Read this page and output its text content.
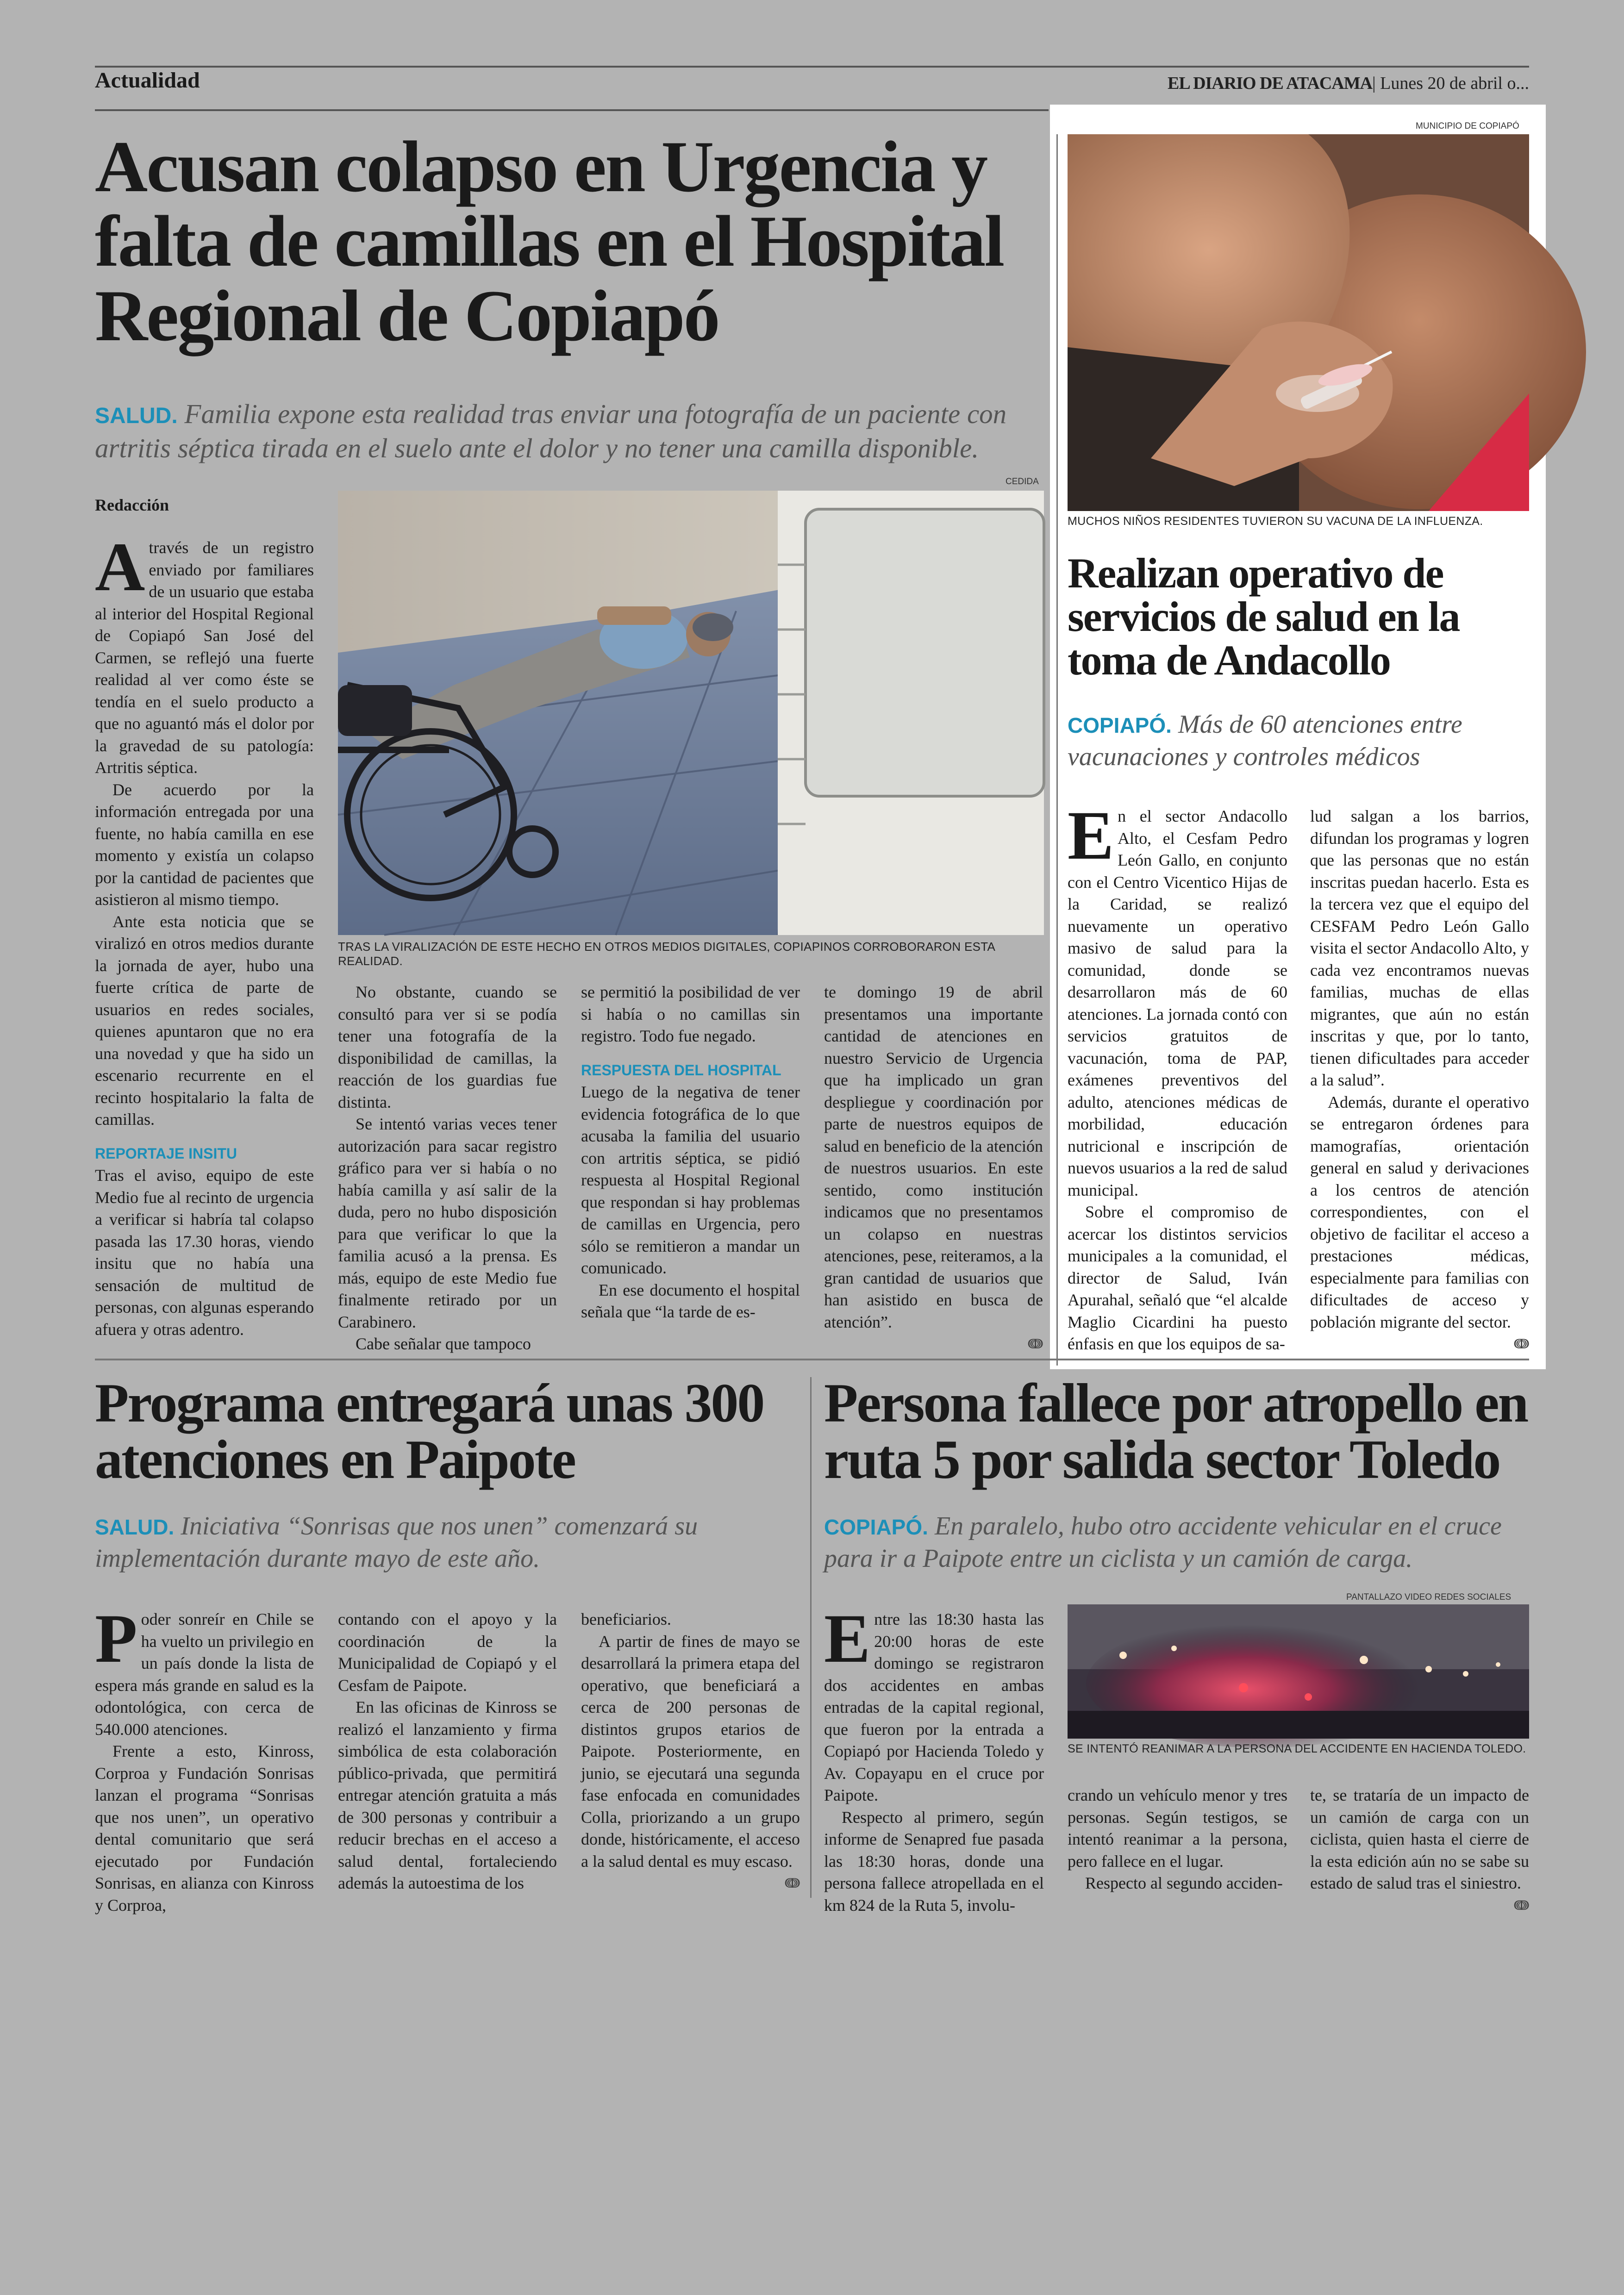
Actualidad	EL DIARIO DE ATACAMA| Lunes 20 de abril o...
Acusan colapso en Urgencia y falta de camillas en el Hospital Regional de Copiapó
SALUD. Familia expone esta realidad tras enviar una fotografía de un paciente con artritis séptica tirada en el suelo ante el dolor y no tener una camilla disponible.
CEDIDA
TRAS LA VIRALIZACIÓN DE ESTE HECHO EN OTROS MEDIOS DIGITALES, COPIAPINOS CORROBORARON ESTA REALIDAD.
Redacción

Através de un registro enviado por familiares de un usuario que estaba al interior del Hospital Regional de Copiapó San José del Carmen, se reflejó una fuerte realidad al ver como éste se tendía en el suelo producto a que no aguantó más el dolor por la gravedad de su patología: Artritis séptica.

De acuerdo por la información entregada por una fuente, no había camilla en ese momento y existía un colapso por la cantidad de pacientes que asistieron al mismo tiempo.

Ante esta noticia que se viralizó en otros medios durante la jornada de ayer, hubo una fuerte crítica de parte de usuarios en redes sociales, quienes apuntaron que no era una novedad y que ha sido un escenario recurrente en el recinto hospitalario la falta de camillas.

REPORTAJE INSITU

Tras el aviso, equipo de este Medio fue al recinto de urgencia a verificar si habría tal colapso pasada las 17.30 horas, viendo insitu que no había una sensación de multitud de personas, con algunas esperando afuera y otras adentro.

No obstante, cuando se consultó para ver si se podía tener una fotografía de la disponibilidad de camillas, la reacción de los guardias fue distinta.

Se intentó varias veces tener autorización para sacar registro gráfico para ver si había o no había camilla y así salir de la duda, pero no hubo disposición para que verificar lo que la familia acusó a la prensa. Es más, equipo de este Medio fue finalmente retirado por un Carabinero.

Cabe señalar que tampoco

se permitió la posibilidad de ver si había o no camillas sin registro. Todo fue negado.

RESPUESTA DEL HOSPITAL

Luego de la negativa de tener evidencia fotográfica de lo que acusaba la familia del usuario con artritis séptica, se pidió respuesta al Hospital Regional que respondan si hay problemas de camillas en Urgencia, pero sólo se remitieron a mandar un comunicado.

En ese documento el hospital señala que “la tarde de es-

te domingo 19 de abril presentamos una importante cantidad de atenciones en nuestro Servicio de Urgencia que ha implicado un gran despliegue y coordinación por parte de nuestros equipos de salud en beneficio de la atención de nuestros usuarios. En este sentido, como institución indicamos que no presentamos un colapso en nuestras atenciones, pese, reiteramos, a la gran cantidad de usuarios que han asistido en busca de atención”.

ↈ
MUNICIPIO DE COPIAPÓ
MUCHOS NIÑOS RESIDENTES TUVIERON SU VACUNA DE LA INFLUENZA.
Realizan operativo de servicios de salud en la toma de Andacollo
COPIAPÓ. Más de 60 atenciones entre vacunaciones y controles médicos

En el sector Andacollo Alto, el Cesfam Pedro León Gallo, en conjunto con el Centro Vicentico Hijas de la Caridad, se realizó nuevamente un operativo masivo de salud para la comunidad, donde se desarrollaron más de 60 atenciones. La jornada contó con servicios gratuitos de vacunación, toma de PAP, exámenes preventivos del adulto, atenciones médicas de morbilidad, educación nutricional e inscripción de nuevos usuarios a la red de salud municipal.

Sobre el compromiso de acercar los distintos servicios municipales a la comunidad, el director de Salud, Iván Apurahal, señaló que “el alcalde Maglio Cicardini ha puesto énfasis en que los equipos de sa-

lud salgan a los barrios, difundan los programas y logren que las personas que no están inscritas puedan hacerlo. Esta es la tercera vez que el equipo del CESFAM Pedro León Gallo visita el sector Andacollo Alto, y cada vez encontramos nuevas familias, muchas de ellas migrantes, que aún no están inscritas y que, por lo tanto, tienen dificultades para acceder a la salud”.

Además, durante el operativo se entregaron órdenes para mamografías, orientación general en salud y derivaciones a los centros de atención correspondientes, con el objetivo de facilitar el acceso a prestaciones médicas, especialmente para familias con dificultades de acceso y población migrante del sector.

ↈ
Programa entregará unas 300 atenciones en Paipote
SALUD. Iniciativa “Sonrisas que nos unen” comenzará su implementación durante mayo de este año.

Poder sonreír en Chile se ha vuelto un privilegio en un país donde la lista de espera más grande en salud es la odontológica, con cerca de 540.000 atenciones.

Frente a esto, Kinross, Corproa y Fundación Sonrisas lanzan el programa “Sonrisas que nos unen”, un operativo dental comunitario que será ejecutado por Fundación Sonrisas, en alianza con Kinross y Corproa,

contando con el apoyo y la coordinación de la Municipalidad de Copiapó y el Cesfam de Paipote.

En las oficinas de Kinross se realizó el lanzamiento y firma simbólica de esta colaboración público-privada, que permitirá entregar atención gratuita a más de 300 personas y contribuir a reducir brechas en el acceso a salud dental, fortaleciendo además la autoestima de los

beneficiarios.

A partir de fines de mayo se desarrollará la primera etapa del operativo, que beneficiará a cerca de 200 personas de distintos grupos etarios de Paipote. Posteriormente, en junio, se ejecutará una segunda fase enfocada en comunidades Colla, priorizando a un grupo donde, históricamente, el acceso a la salud dental es muy escaso.

ↈ
Persona fallece por atropello en ruta 5 por salida sector Toledo
COPIAPÓ. En paralelo, hubo otro accidente vehicular en el cruce para ir a Paipote entre un ciclista y un camión de carga.
PANTALLAZO VIDEO REDES SOCIALES
SE INTENTÓ REANIMAR A LA PERSONA DEL ACCIDENTE EN HACIENDA TOLEDO.

Entre las 18:30 hasta las 20:00 horas de este domingo se registraron dos accidentes en ambas entradas de la capital regional, que fueron por la entrada a Copiapó por Hacienda Toledo y Av. Copayapu en el cruce por Paipote.

Respecto al primero, según informe de Senapred fue pasada las 18:30 horas, donde una persona fallece atropellada en el km 824 de la Ruta 5, involu-

crando un vehículo menor y tres personas. Según testigos, se intentó reanimar a la persona, pero fallece en el lugar.

Respecto al segundo acciden-

te, se trataría de un impacto de un camión de carga con un ciclista, quien hasta el cierre de la esta edición aún no se sabe su estado de salud tras el siniestro.

ↈ
